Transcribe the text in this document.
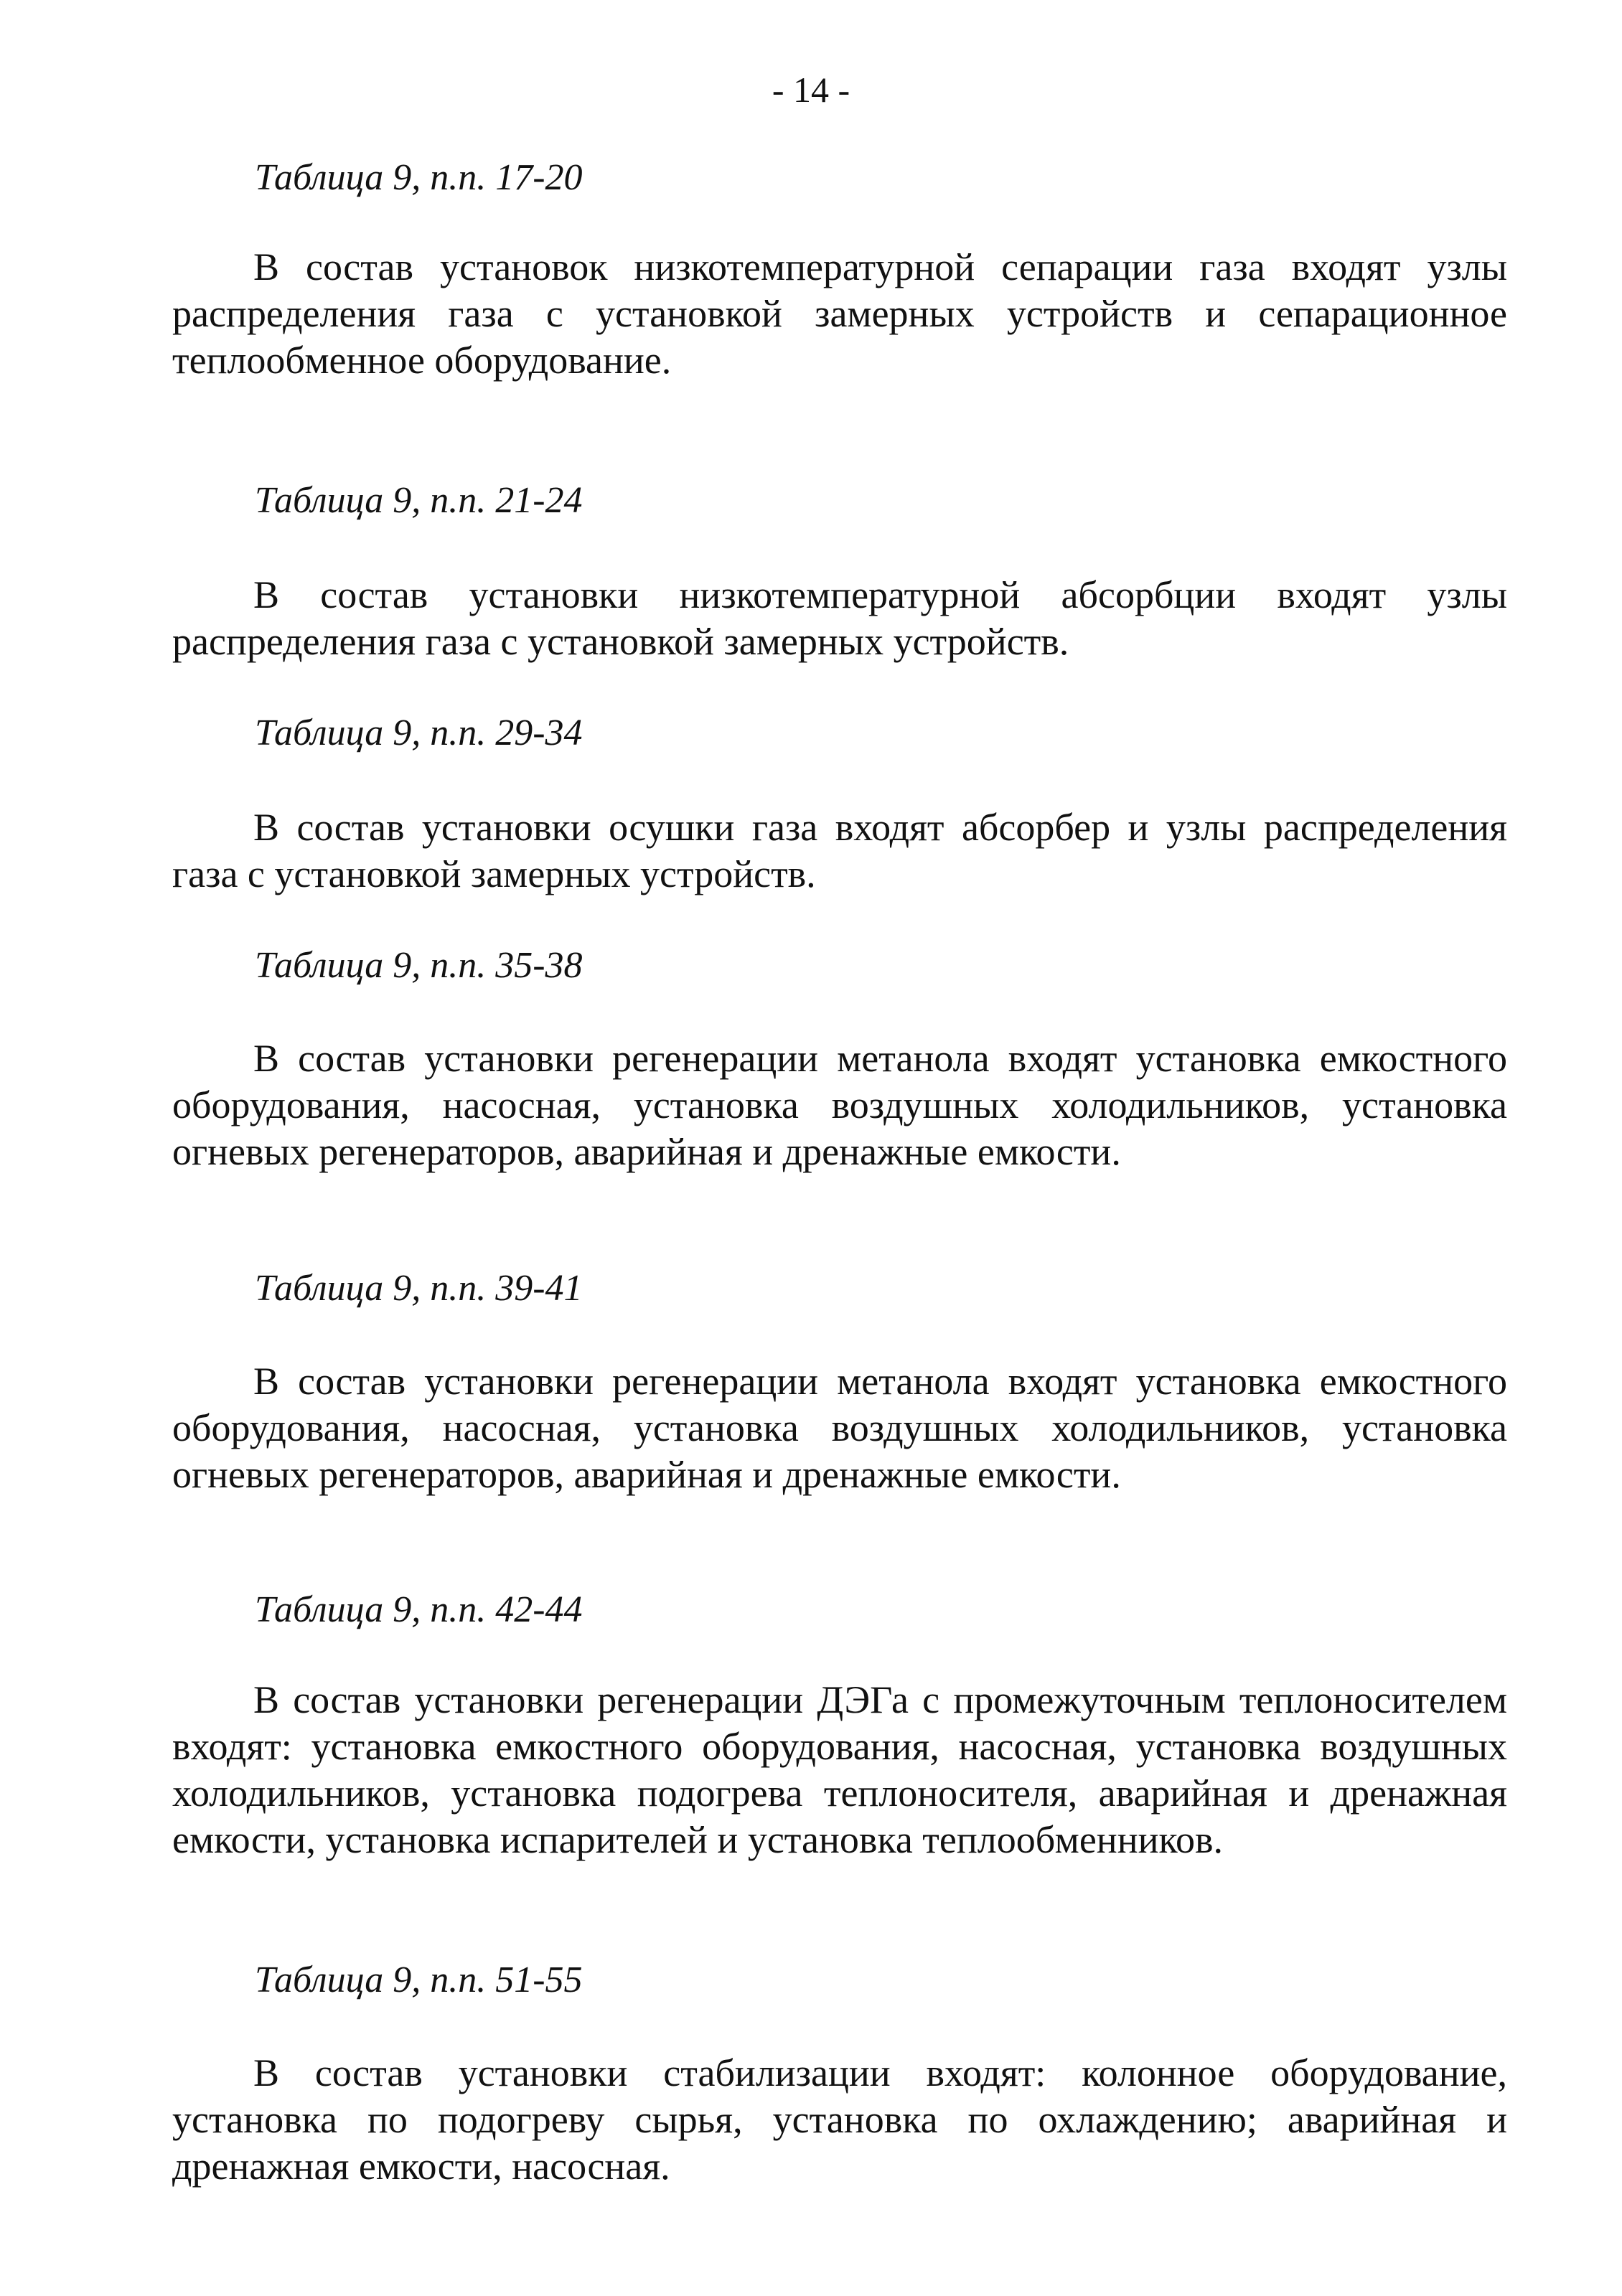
- 14 -
Таблица 9, п.п. 17-20

В состав установок низкотемпературной сепарации газа входят узлы распределения газа с установкой замерных устройств и сепарационное теплообменное оборудование.

Таблица 9, п.п. 21-24

В состав установки низкотемпературной абсорбции входят узлы распределения газа с установкой замерных устройств.

Таблица 9, п.п. 29-34

В состав установки осушки газа входят абсорбер и узлы распределения газа с установкой замерных устройств.

Таблица 9, п.п. 35-38

В состав установки регенерации метанола входят установка емкостного оборудования, насосная, установка воздушных холодильников, установка огневых регенераторов, аварийная и дренажные емкости.

Таблица 9, п.п. 39-41

В состав установки регенерации метанола входят установка емкостного оборудования, насосная, установка воздушных холодильников, установка огневых регенераторов, аварийная и дренажные емкости.

Таблица 9, п.п. 42-44

В состав установки регенерации ДЭГа с промежуточным теплоносителем входят: установка емкостного оборудования, насосная, установка воздушных холодильников, установка подогрева теплоносителя, аварийная и дренажная емкости, установка испарителей и установка теплообменников.

Таблица 9, п.п. 51-55

В состав установки стабилизации входят: колонное оборудование, установка по подогреву сырья, установка по охлаждению; аварийная и дренажная емкости, насосная.
